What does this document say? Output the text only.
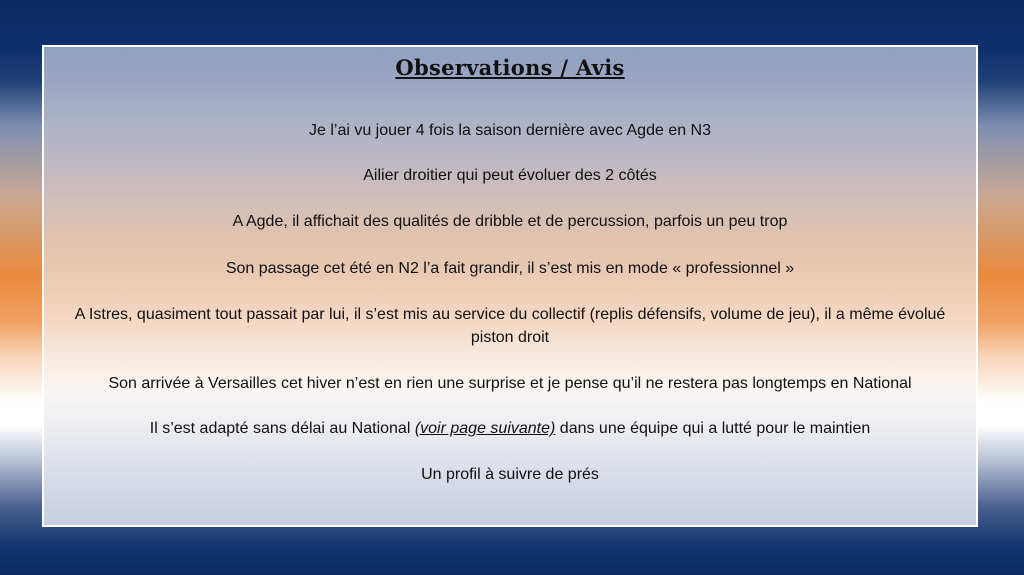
Observations / Avis
Je l’ai vu jouer 4 fois la saison dernière avec Agde en N3
Ailier droitier qui peut évoluer des 2 côtés
A Agde, il affichait des qualités de dribble et de percussion, parfois un peu trop
Son passage cet été en N2 l’a fait grandir, il s’est mis en mode « professionnel »
A Istres, quasiment tout passait par lui, il s’est mis au service du collectif (replis défensifs, volume de jeu), il a même évolué piston droit
Son arrivée à Versailles cet hiver n’est en rien une surprise et je pense qu’il ne restera pas longtemps en National
Il s’est adapté sans délai au National (voir page suivante) dans une équipe qui a lutté pour le maintien
Un profil à suivre de prés
